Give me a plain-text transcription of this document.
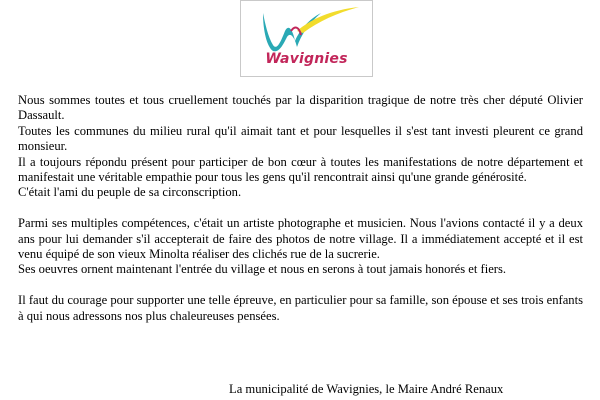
Wavignies

Nous sommes toutes et tous cruellement touchés par la disparition tragique de notre très cher député Olivier Dassault.

Toutes les communes du milieu rural qu'il aimait tant et pour lesquelles il s'est tant investi pleurent ce grand monsieur.

Il a toujours répondu présent pour participer de bon cœur à toutes les manifestations de notre département et manifestait une véritable empathie pour tous les gens qu'il rencontrait ainsi qu'une grande générosité.

C'était l'ami du peuple de sa circonscription.

Parmi ses multiples compétences, c'était un artiste photographe et musicien. Nous l'avions contacté il y a deux ans pour lui demander s'il accepterait de faire des photos de notre village. Il a immédiatement accepté et il est venu équipé de son vieux Minolta réaliser des clichés rue de la sucrerie.

Ses oeuvres ornent maintenant l'entrée du village et nous en serons à tout jamais honorés et fiers.

Il faut du courage pour supporter une telle épreuve, en particulier pour sa famille, son épouse et ses trois enfants à qui nous adressons nos plus chaleureuses pensées.

La municipalité de Wavignies, le Maire André Renaux
